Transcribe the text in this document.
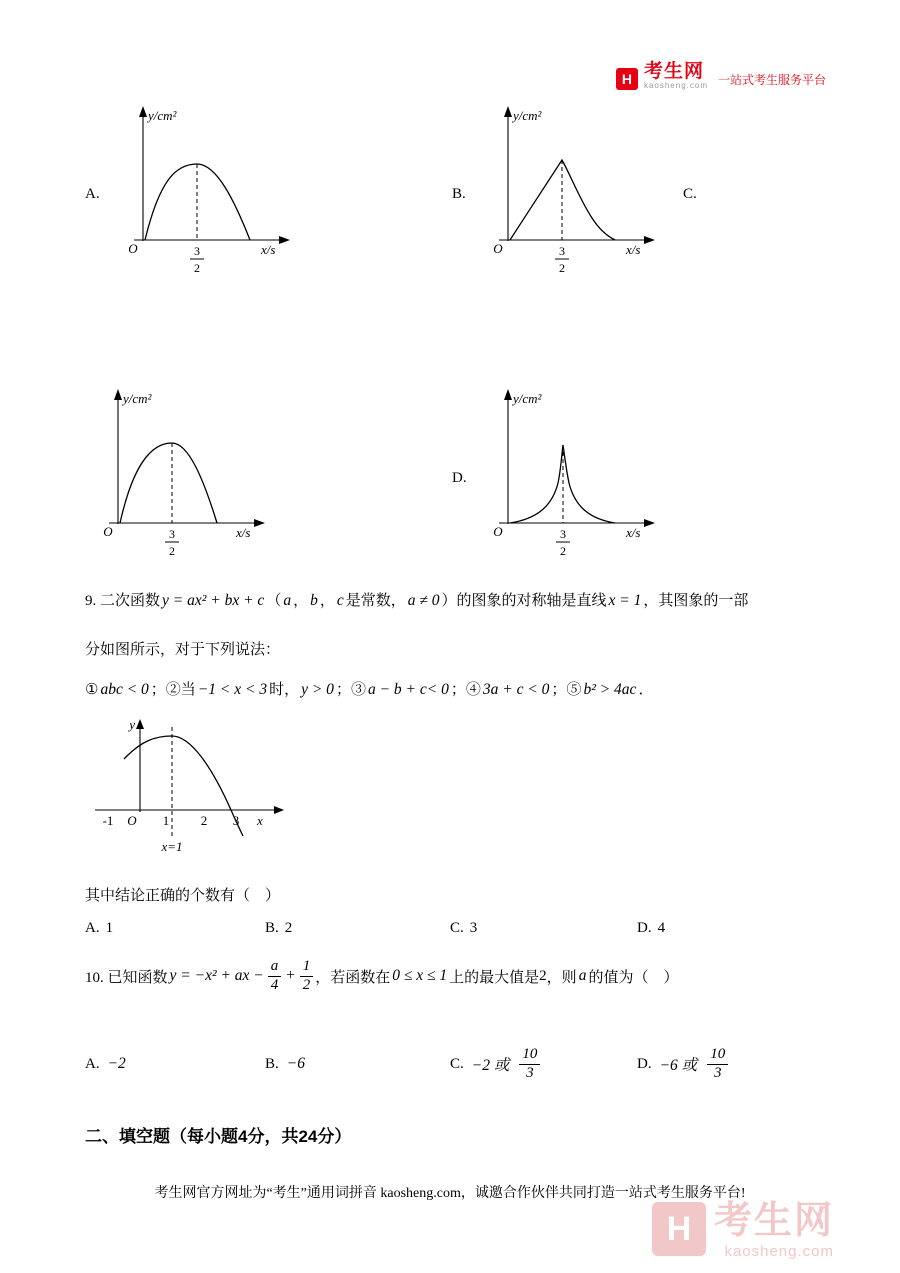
H 考生网
kaosheng.com 一站式考生服务平台
A.	B.	C.
D.
y/cm²
O	3
2
x/s
y/cm²
O	3
2
x/s
y/cm²
O	3
2
x/s
y/cm²
O	3
2
x/s
9. 二次函数 y = ax² + bx + c （ a ， b ， c 是常数， a ≠ 0 ）的图象的对称轴是直线 x = 1 ，其图象的一部
分如图所示，对于下列说法：
① abc < 0 ；②当 −1 < x < 3 时， y > 0 ；③ a − b + c< 0 ；④ 3a + c < 0 ；⑤ b² > 4ac ．
y
-1 O 1 2 3 x
x=1
其中结论正确的个数有（　）
A. 1	B. 2	C. 3	D. 4
10. 已知函数 y = −x² + ax − $\frac{a}{4} + \frac{1}{2}$ ，若函数在 0 ≤ x ≤ 1 上的最大值是 2 ，则 a 的值为（　）
A. −2	B. −6	C. −2 或 $\frac{10}{3}$	D. −6 或 $\frac{10}{3}$
二、填空题（每小题4分，共24分）
考生网官方网址为“考生”通用词拼音 kaosheng.com，诚邀合作伙伴共同打造一站式考生服务平台!
H 考生网
kaosheng.com
